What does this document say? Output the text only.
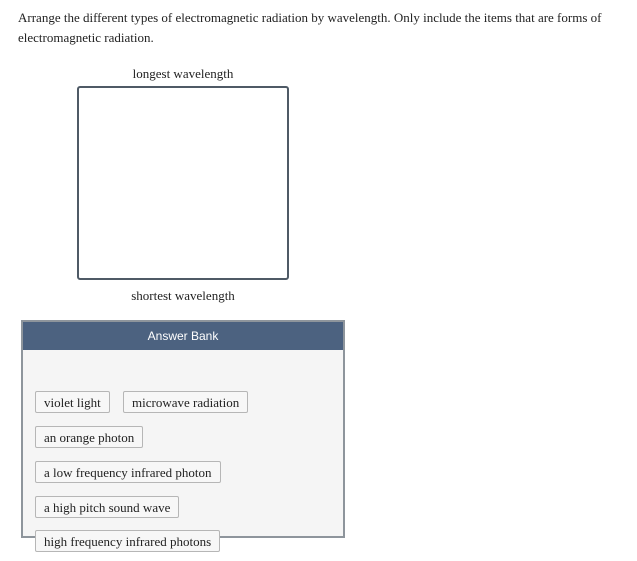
Arrange the different types of electromagnetic radiation by wavelength. Only include the items that are forms of electromagnetic radiation.
longest wavelength
shortest wavelength
Answer Bank
violet light	microwave radiation
an orange photon
a low frequency infrared photon
a high pitch sound wave
high frequency infrared photons
